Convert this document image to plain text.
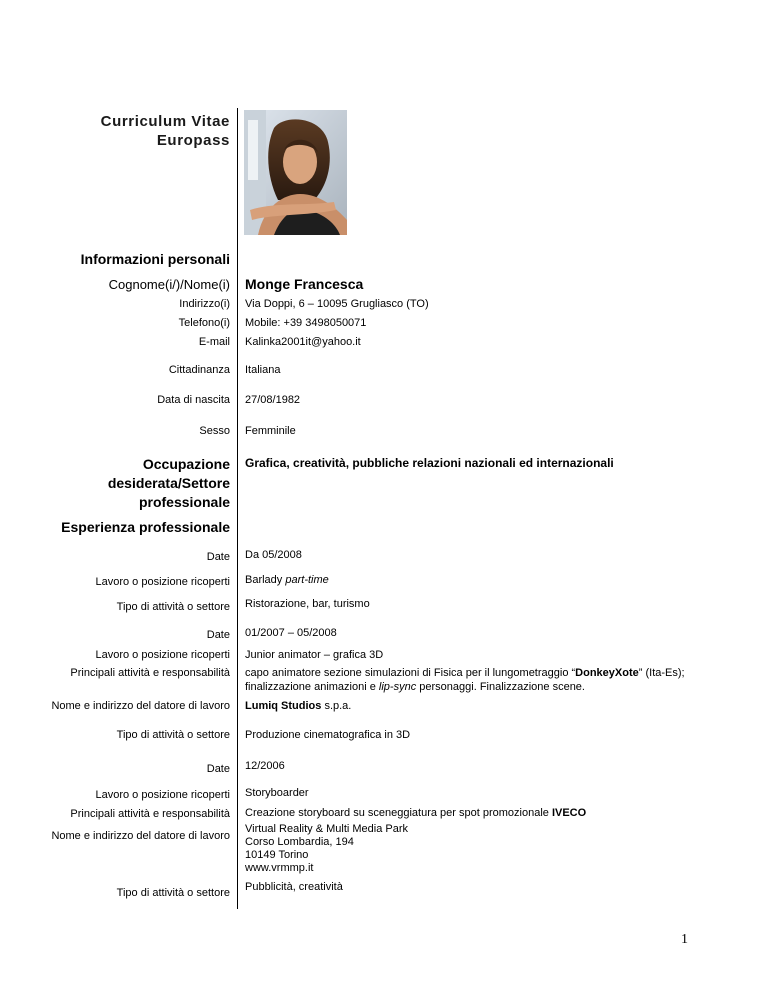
Curriculum Vitae
Europass
Informazioni personali
Cognome(i/)/Nome(i) Monge Francesca
Indirizzo(i) Via Doppi, 6 – 10095 Grugliasco (TO)
Telefono(i) Mobile: +39 3498050071
E-mail Kalinka2001it@yahoo.it
Cittadinanza Italiana
Data di nascita 27/08/1982
Sesso Femminile
Occupazione
desiderata/Settore
professionale
Grafica, creatività, pubbliche relazioni nazionali ed internazionali
Esperienza professionale
Date Da 05/2008
Lavoro o posizione ricoperti Barlady part-time
Tipo di attività o settore Ristorazione, bar, turismo
Date 01/2007 – 05/2008
Lavoro o posizione ricoperti Junior animator – grafica 3D
Principali attività e responsabilità capo animatore sezione simulazioni di Fisica per il lungometraggio “DonkeyXote” (Ita-Es); finalizzazione animazioni e lip-sync personaggi. Finalizzazione scene.
Nome e indirizzo del datore di lavoro Lumiq Studios s.p.a.
Tipo di attività o settore Produzione cinematografica in 3D
Date 12/2006
Lavoro o posizione ricoperti Storyboarder
Principali attività e responsabilità Creazione storyboard su sceneggiatura per spot promozionale IVECO
Nome e indirizzo del datore di lavoro
Virtual Reality & Multi Media Park
Corso Lombardia, 194
10149 Torino
www.vrmmp.it
Tipo di attività o settore Pubblicità, creatività
1
